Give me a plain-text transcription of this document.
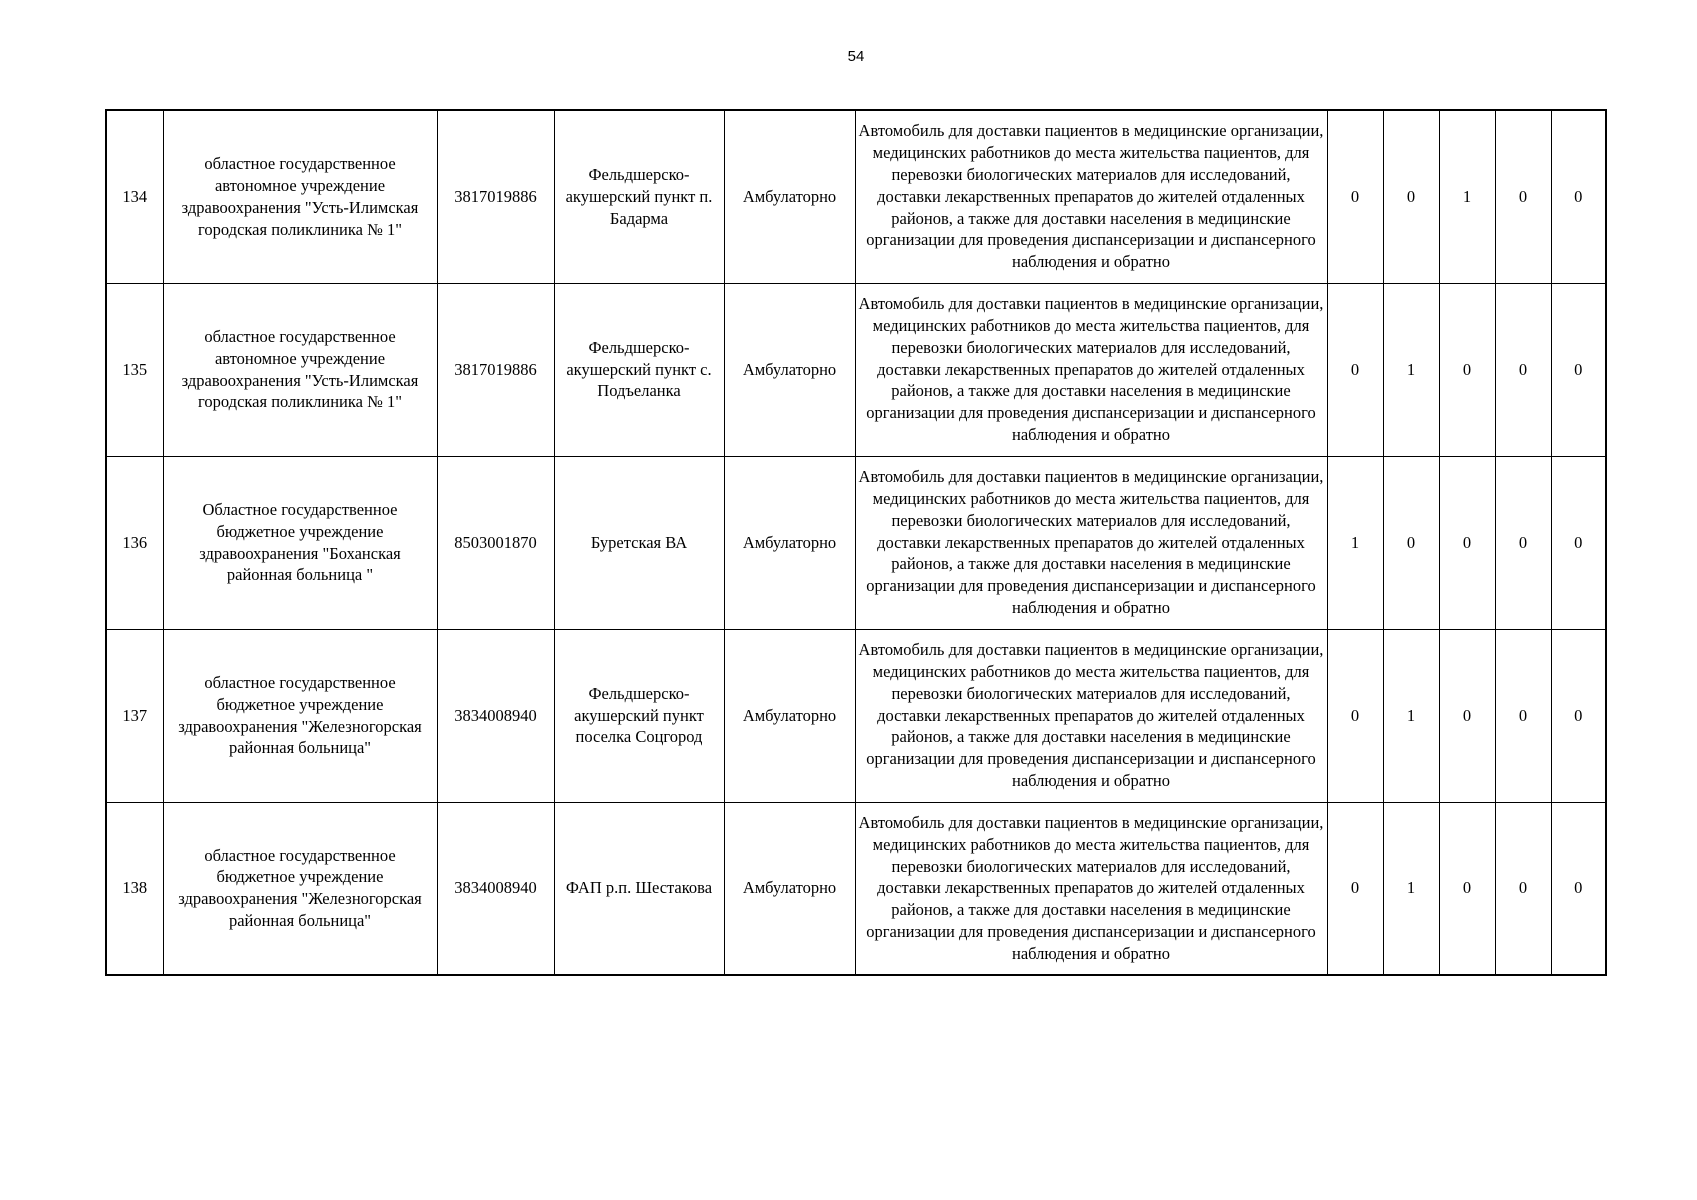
54
134	областное государственное автономное учреждение здравоохранения "Усть-Илимская городская поликлиника № 1"	3817019886	Фельдшерско-акушерский пункт п. Бадарма	Амбулаторно	Автомобиль для доставки пациентов в медицинские организации, медицинских работников до места жительства пациентов, для перевозки биологических материалов для исследований, доставки лекарственных препаратов до жителей отдаленных районов, а также для доставки населения в медицинские организации для проведения диспансеризации и диспансерного наблюдения и обратно	0	0	1	0	0
135	областное государственное автономное учреждение здравоохранения "Усть-Илимская городская поликлиника № 1"	3817019886	Фельдшерско-акушерский пункт с. Подъеланка	Амбулаторно	Автомобиль для доставки пациентов в медицинские организации, медицинских работников до места жительства пациентов, для перевозки биологических материалов для исследований, доставки лекарственных препаратов до жителей отдаленных районов, а также для доставки населения в медицинские организации для проведения диспансеризации и диспансерного наблюдения и обратно	0	1	0	0	0
136	Областное государственное бюджетное учреждение здравоохранения "Боханская районная больница "	8503001870	Буретская ВА	Амбулаторно	Автомобиль для доставки пациентов в медицинские организации, медицинских работников до места жительства пациентов, для перевозки биологических материалов для исследований, доставки лекарственных препаратов до жителей отдаленных районов, а также для доставки населения в медицинские организации для проведения диспансеризации и диспансерного наблюдения и обратно	1	0	0	0	0
137	областное государственное бюджетное учреждение здравоохранения "Железногорская районная больница"	3834008940	Фельдшерско-акушерский пункт поселка Соцгород	Амбулаторно	Автомобиль для доставки пациентов в медицинские организации, медицинских работников до места жительства пациентов, для перевозки биологических материалов для исследований, доставки лекарственных препаратов до жителей отдаленных районов, а также для доставки населения в медицинские организации для проведения диспансеризации и диспансерного наблюдения и обратно	0	1	0	0	0
138	областное государственное бюджетное учреждение здравоохранения "Железногорская районная больница"	3834008940	ФАП р.п. Шестакова	Амбулаторно	Автомобиль для доставки пациентов в медицинские организации, медицинских работников до места жительства пациентов, для перевозки биологических материалов для исследований, доставки лекарственных препаратов до жителей отдаленных районов, а также для доставки населения в медицинские организации для проведения диспансеризации и диспансерного наблюдения и обратно	0	1	0	0	0
